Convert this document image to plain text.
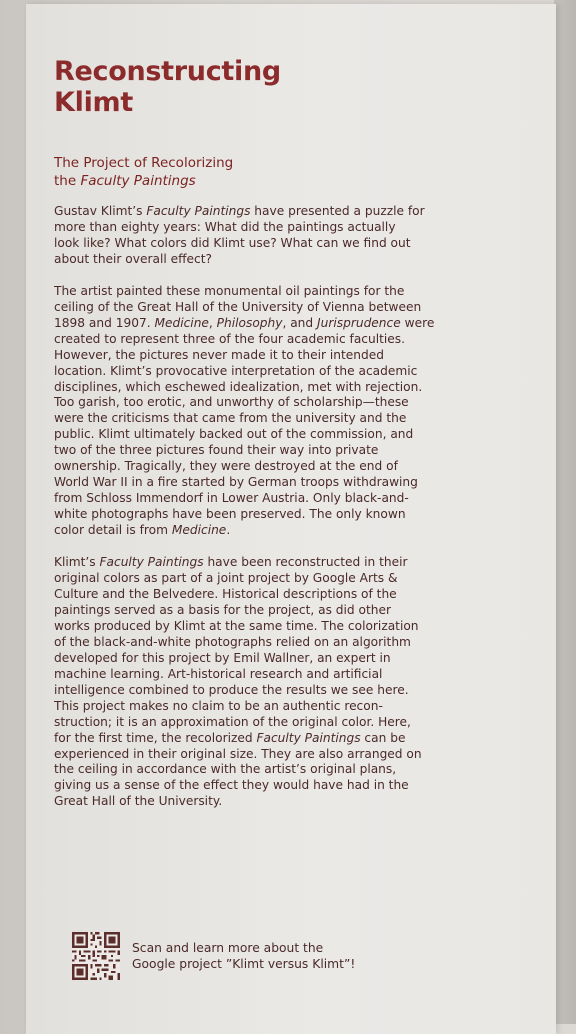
Reconstructing
Klimt
The Project of Recolorizing
the Faculty Paintings

Gustav Klimt’s Faculty Paintings have presented a puzzle for
more than eighty years: What did the paintings actually
look like? What colors did Klimt use? What can we find out
about their overall effect?

The artist painted these monumental oil paintings for the
ceiling of the Great Hall of the University of Vienna between
1898 and 1907. Medicine, Philosophy, and Jurisprudence were
created to represent three of the four academic faculties.
However, the pictures never made it to their intended
location. Klimt’s provocative interpretation of the academic
disciplines, which eschewed idealization, met with rejection.
Too garish, too erotic, and unworthy of scholarship—these
were the criticisms that came from the university and the
public. Klimt ultimately backed out of the commission, and
two of the three pictures found their way into private
ownership. Tragically, they were destroyed at the end of
World War II in a fire started by German troops withdrawing
from Schloss Immendorf in Lower Austria. Only black-and-
white photographs have been preserved. The only known
color detail is from Medicine.

Klimt’s Faculty Paintings have been reconstructed in their
original colors as part of a joint project by Google Arts &
Culture and the Belvedere. Historical descriptions of the
paintings served as a basis for the project, as did other
works produced by Klimt at the same time. The colorization
of the black-and-white photographs relied on an algorithm
developed for this project by Emil Wallner, an expert in
machine learning. Art-historical research and artificial
intelligence combined to produce the results we see here.
This project makes no claim to be an authentic recon-
struction; it is an approximation of the original color. Here,
for the first time, the recolorized Faculty Paintings can be
experienced in their original size. They are also arranged on
the ceiling in accordance with the artist’s original plans,
giving us a sense of the effect they would have had in the
Great Hall of the University.

Scan and learn more about the
Google project ”Klimt versus Klimt”!
